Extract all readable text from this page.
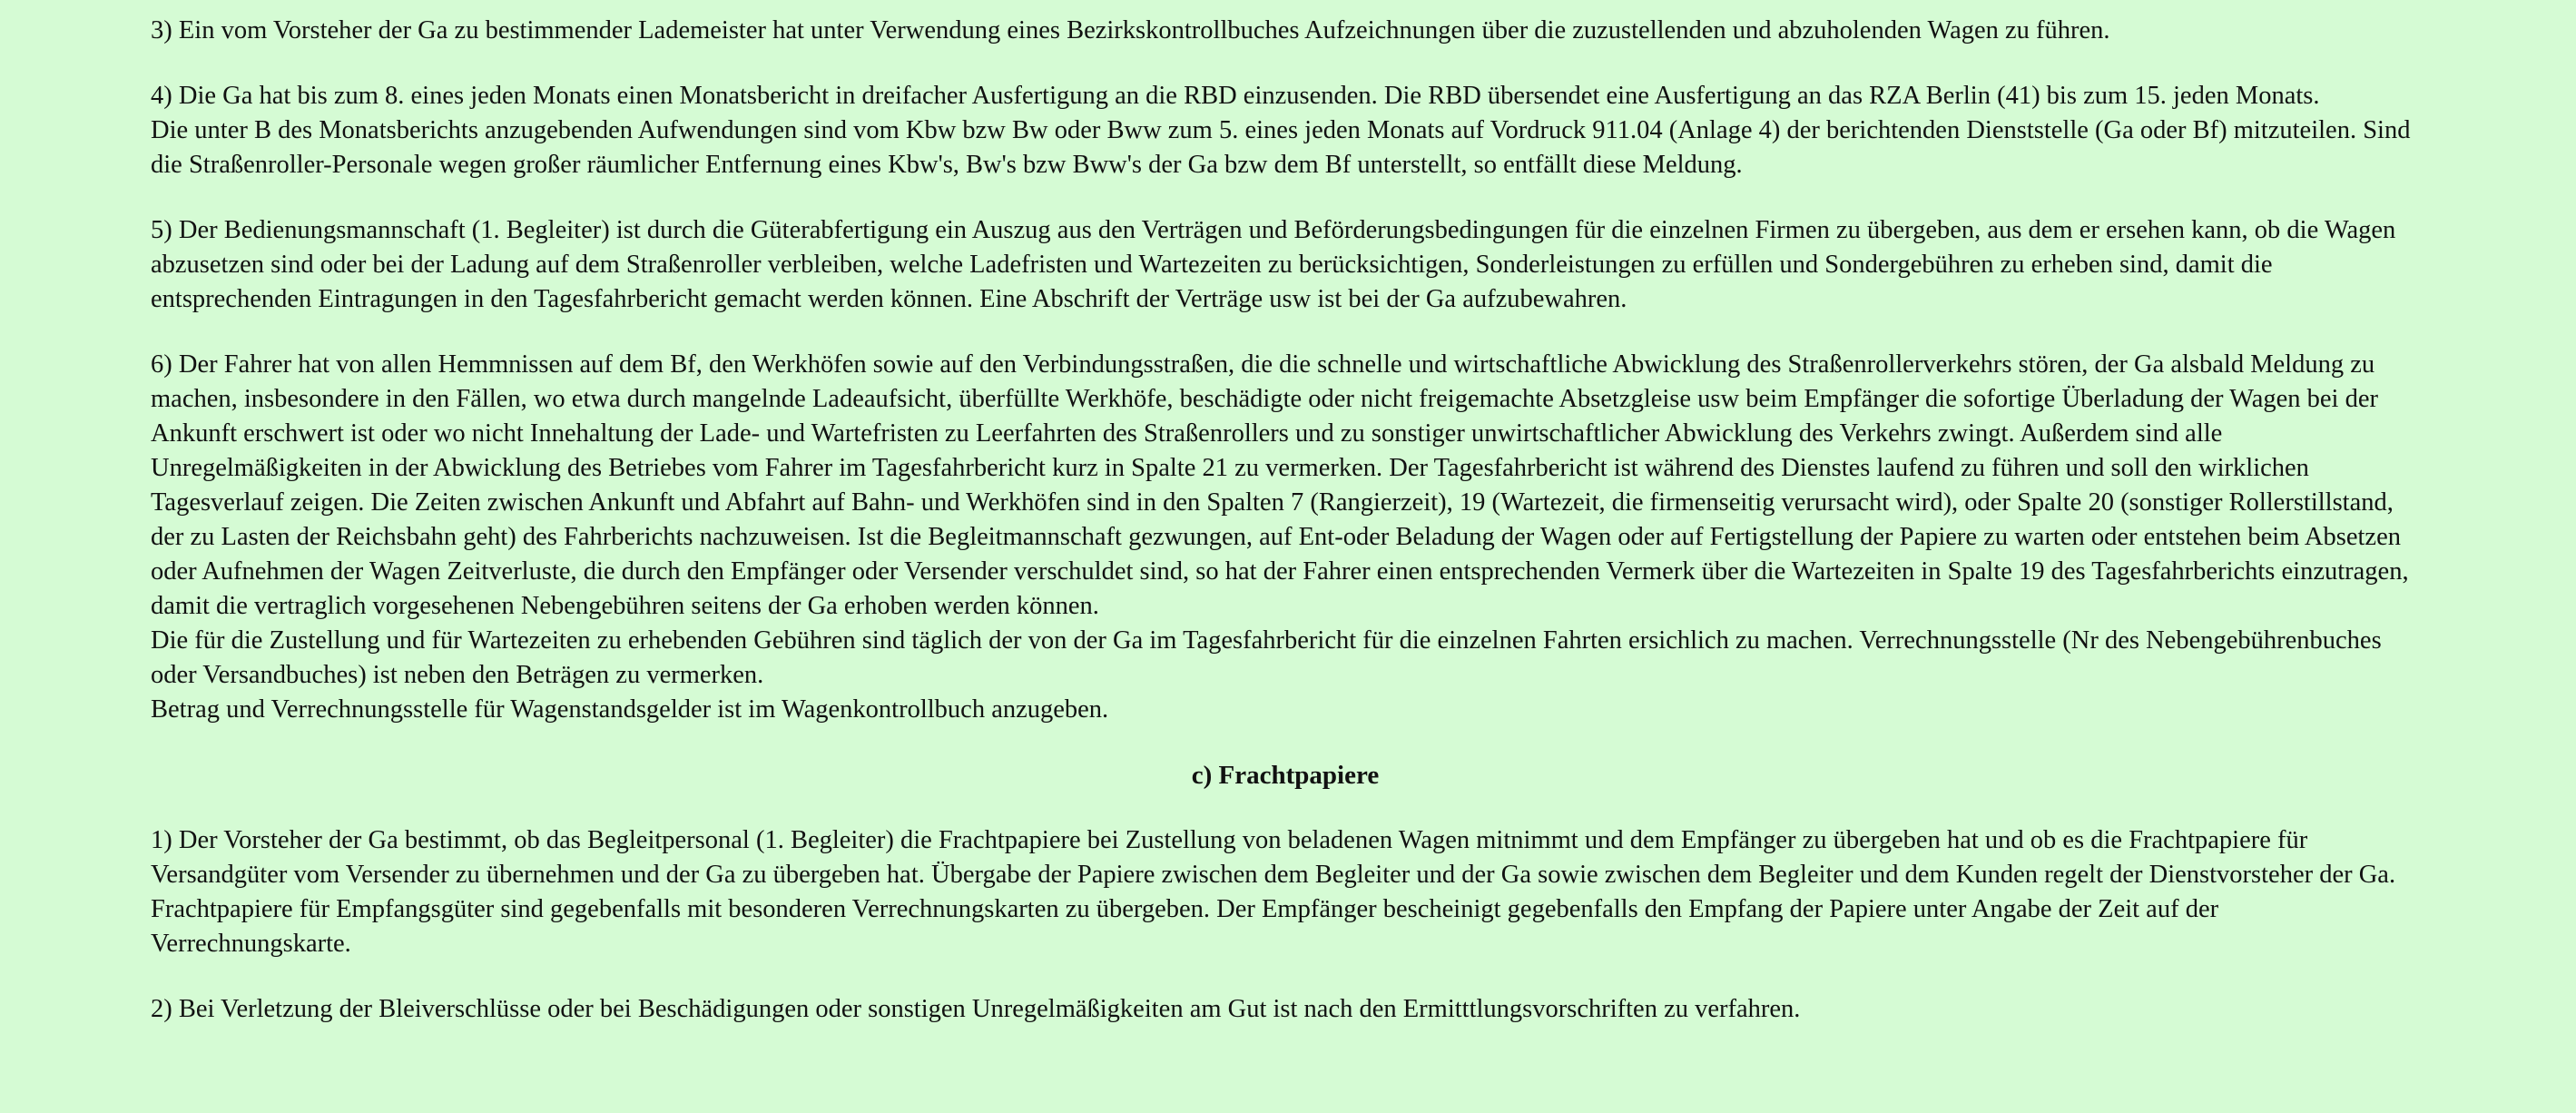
3) Ein vom Vorsteher der Ga zu bestimmender Lademeister hat unter Verwendung eines Bezirkskontrollbuches Aufzeichnungen über die zuzustellenden und abzuholenden Wagen zu führen.

4) Die Ga hat bis zum 8. eines jeden Monats einen Monatsbericht in dreifacher Ausfertigung an die RBD einzusenden. Die RBD übersendet eine Ausfertigung an das RZA Berlin (41) bis zum 15. jeden Monats.

Die unter B des Monatsberichts anzugebenden Aufwendungen sind vom Kbw bzw Bw oder Bww zum 5. eines jeden Monats auf Vordruck 911.04 (Anlage 4) der berichtenden Dienststelle (Ga oder Bf) mitzuteilen. Sind die Straßenroller-Personale wegen großer räumlicher Entfernung eines Kbw's, Bw's bzw Bww's der Ga bzw dem Bf unterstellt, so entfällt diese Meldung.

5) Der Bedienungsmannschaft (1. Begleiter) ist durch die Güterabfertigung ein Auszug aus den Verträgen und Beförderungsbedingungen für die einzelnen Firmen zu übergeben, aus dem er ersehen kann, ob die Wagen abzusetzen sind oder bei der Ladung auf dem Straßenroller verbleiben, welche Ladefristen und Wartezeiten zu berücksichtigen, Sonderleistungen zu erfüllen und Sondergebühren zu erheben sind, damit die entsprechenden Eintragungen in den Tagesfahrbericht gemacht werden können. Eine Abschrift der Verträge usw ist bei der Ga aufzubewahren.

6) Der Fahrer hat von allen Hemmnissen auf dem Bf, den Werkhöfen sowie auf den Verbindungsstraßen, die die schnelle und wirtschaftliche Abwicklung des Straßenrollerverkehrs stören, der Ga alsbald Meldung zu machen, insbesondere in den Fällen, wo etwa durch mangelnde Ladeaufsicht, überfüllte Werkhöfe, beschädigte oder nicht freigemachte Absetzgleise usw beim Empfänger die sofortige Überladung der Wagen bei der Ankunft erschwert ist oder wo nicht Innehaltung der Lade- und Wartefristen zu Leerfahrten des Straßenrollers und zu sonstiger unwirtschaftlicher Abwicklung des Verkehrs zwingt. Außerdem sind alle Unregelmäßigkeiten in der Abwicklung des Betriebes vom Fahrer im Tagesfahrbericht kurz in Spalte 21 zu vermerken. Der Tagesfahrbericht ist während des Dienstes laufend zu führen und soll den wirklichen Tagesverlauf zeigen. Die Zeiten zwischen Ankunft und Abfahrt auf Bahn- und Werkhöfen sind in den Spalten 7 (Rangierzeit), 19 (Wartezeit, die firmenseitig verursacht wird), oder Spalte 20 (sonstiger Rollerstillstand, der zu Lasten der Reichsbahn geht) des Fahrberichts nachzuweisen. Ist die Begleitmannschaft gezwungen, auf Ent-oder Beladung der Wagen oder auf Fertigstellung der Papiere zu warten oder entstehen beim Absetzen oder Aufnehmen der Wagen Zeitverluste, die durch den Empfänger oder Versender verschuldet sind, so hat der Fahrer einen entsprechenden Vermerk über die Wartezeiten in Spalte 19 des Tagesfahrberichts einzutragen, damit die vertraglich vorgesehenen Nebengebühren seitens der Ga erhoben werden können.

Die für die Zustellung und für Wartezeiten zu erhebenden Gebühren sind täglich der von der Ga im Tagesfahrbericht für die einzelnen Fahrten ersichlich zu machen. Verrechnungsstelle (Nr des Nebengebührenbuches oder Versandbuches) ist neben den Beträgen zu vermerken.

Betrag und Verrechnungsstelle für Wagenstandsgelder ist im Wagenkontrollbuch anzugeben.

c) Frachtpapiere

1) Der Vorsteher der Ga bestimmt, ob das Begleitpersonal (1. Begleiter) die Frachtpapiere bei Zustellung von beladenen Wagen mitnimmt und dem Empfänger zu übergeben hat und ob es die Frachtpapiere für Versandgüter vom Versender zu übernehmen und der Ga zu übergeben hat. Übergabe der Papiere zwischen dem Begleiter und der Ga sowie zwischen dem Begleiter und dem Kunden regelt der Dienstvorsteher der Ga. Frachtpapiere für Empfangsgüter sind gegebenfalls mit besonderen Verrechnungskarten zu übergeben. Der Empfänger bescheinigt gegebenfalls den Empfang der Papiere unter Angabe der Zeit auf der Verrechnungskarte.

2) Bei Verletzung der Bleiverschlüsse oder bei Beschädigungen oder sonstigen Unregelmäßigkeiten am Gut ist nach den Ermitttlungsvorschriften zu verfahren.
